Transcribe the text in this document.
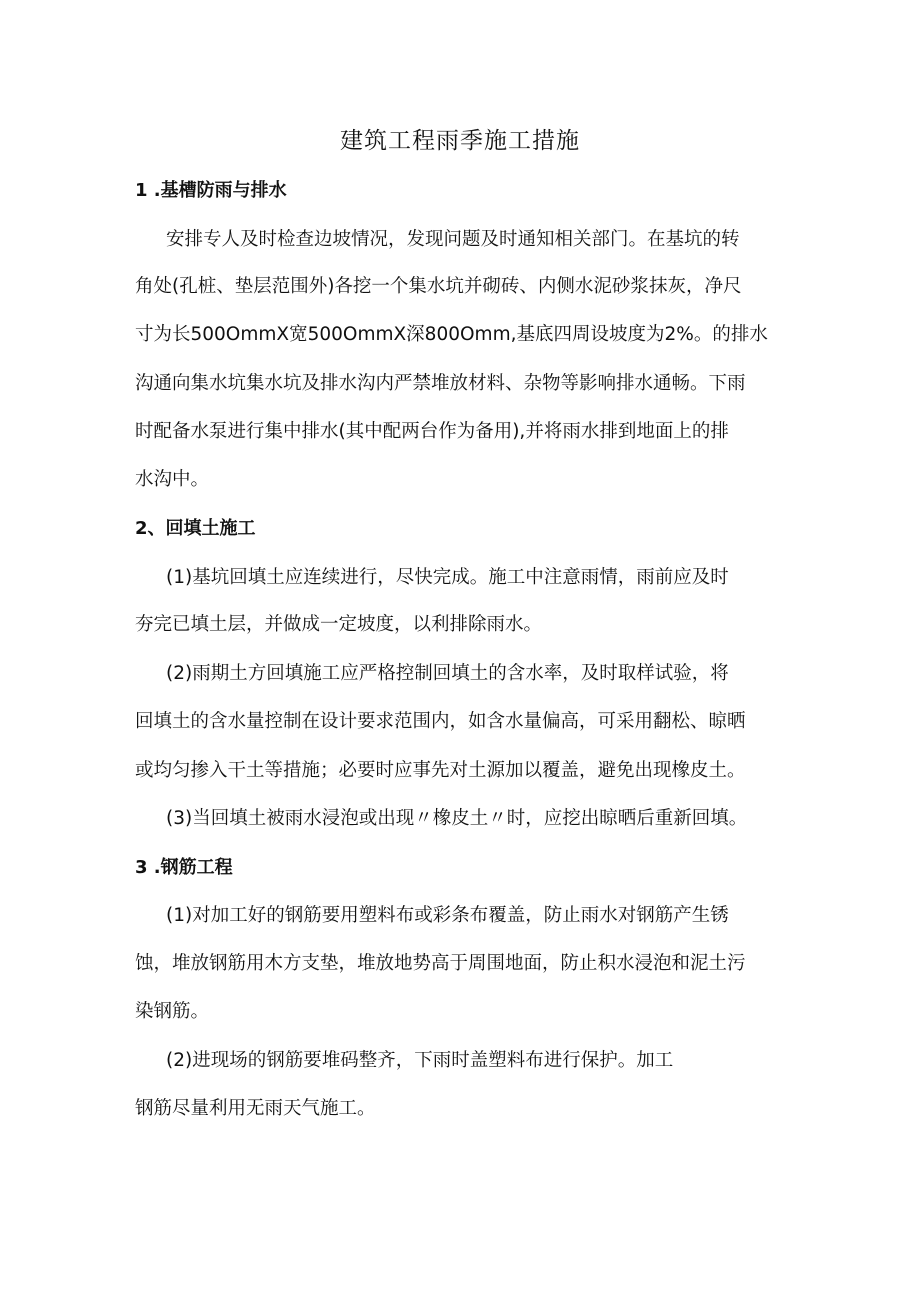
建筑工程雨季施工措施
1 .基槽防雨与排水
安排专人及时检查边坡情况，发现问题及时通知相关部门。在基坑的转
角处(孔桩、垫层范围外)各挖一个集水坑并砌砖、内侧水泥砂浆抹灰，净尺
寸为长500OmmX宽500OmmX深800Omm,基底四周设坡度为2%。的排水
沟通向集水坑集水坑及排水沟内严禁堆放材料、杂物等影响排水通畅。下雨
时配备水泵进行集中排水(其中配两台作为备用),并将雨水排到地面上的排
水沟中。
2、回填土施工
(1)基坑回填土应连续进行，尽快完成。施工中注意雨情，雨前应及时
夯完已填土层，并做成一定坡度，以利排除雨水。
(2)雨期土方回填施工应严格控制回填土的含水率，及时取样试验，将
回填土的含水量控制在设计要求范围内，如含水量偏高，可采用翻松、晾晒
或均匀掺入干土等措施；必要时应事先对土源加以覆盖，避免出现橡皮土。
(3)当回填土被雨水浸泡或出现〃橡皮土〃时，应挖出晾晒后重新回填。
3 .钢筋工程
(1)对加工好的钢筋要用塑料布或彩条布覆盖，防止雨水对钢筋产生锈
蚀，堆放钢筋用木方支垫，堆放地势高于周围地面，防止积水浸泡和泥土污
染钢筋。
(2)进现场的钢筋要堆码整齐，下雨时盖塑料布进行保护。加工
钢筋尽量利用无雨天气施工。
